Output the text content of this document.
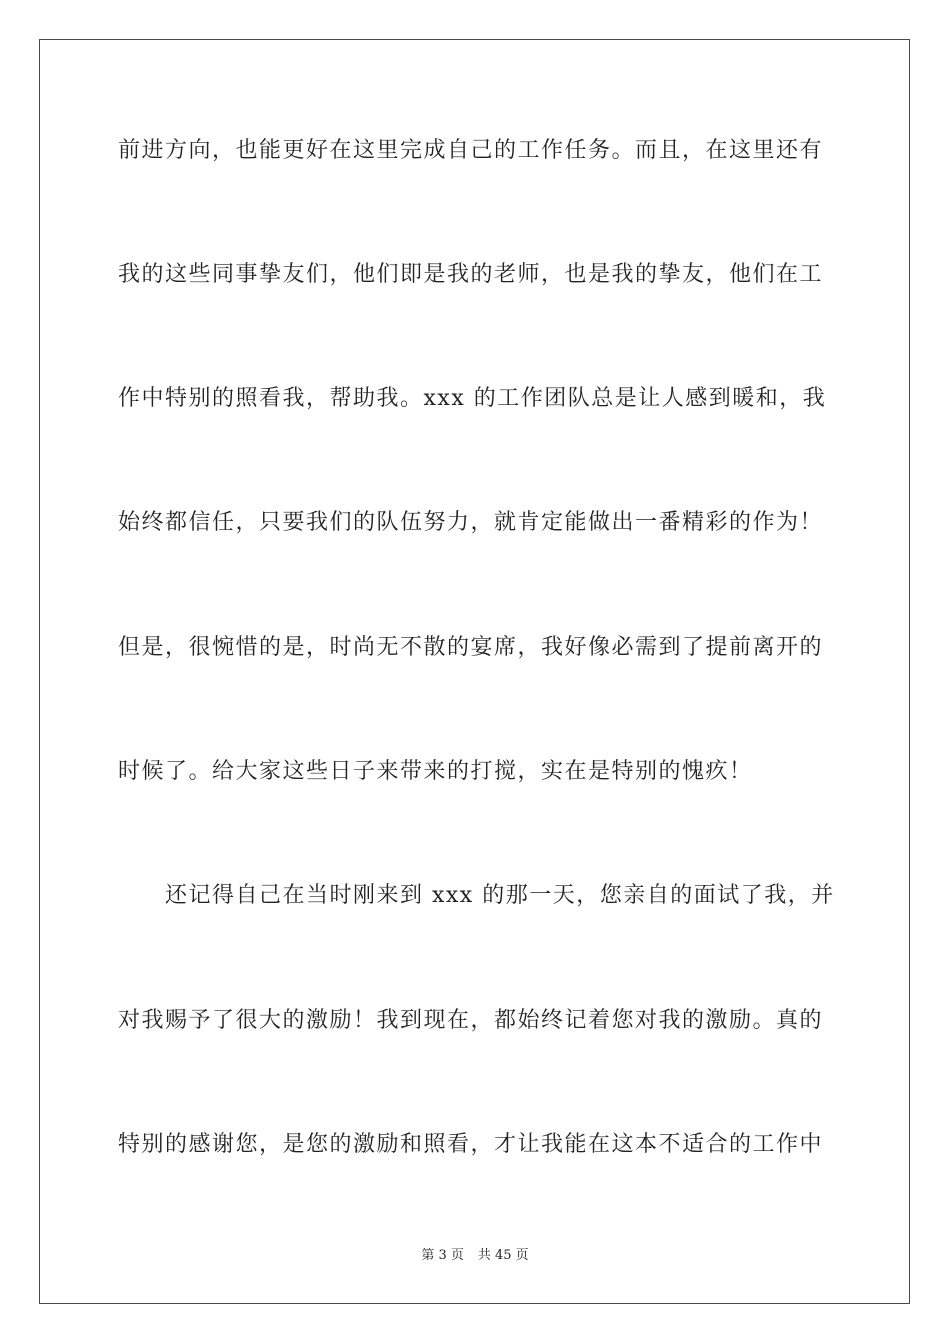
前进方向，也能更好在这里完成自己的工作任务。而且，在这里还有
我的这些同事挚友们，他们即是我的老师，也是我的挚友，他们在工
作中特别的照看我，帮助我。xxx 的工作团队总是让人感到暖和，我
始终都信任，只要我们的队伍努力，就肯定能做出一番精彩的作为！
但是，很惋惜的是，时尚无不散的宴席，我好像必需到了提前离开的
时候了。给大家这些日子来带来的打搅，实在是特别的愧疚！
　　还记得自己在当时刚来到 xxx 的那一天，您亲自的面试了我，并
对我赐予了很大的激励！我到现在，都始终记着您对我的激励。真的
特别的感谢您，是您的激励和照看，才让我能在这本不适合的工作中
第 3 页 共 45 页
